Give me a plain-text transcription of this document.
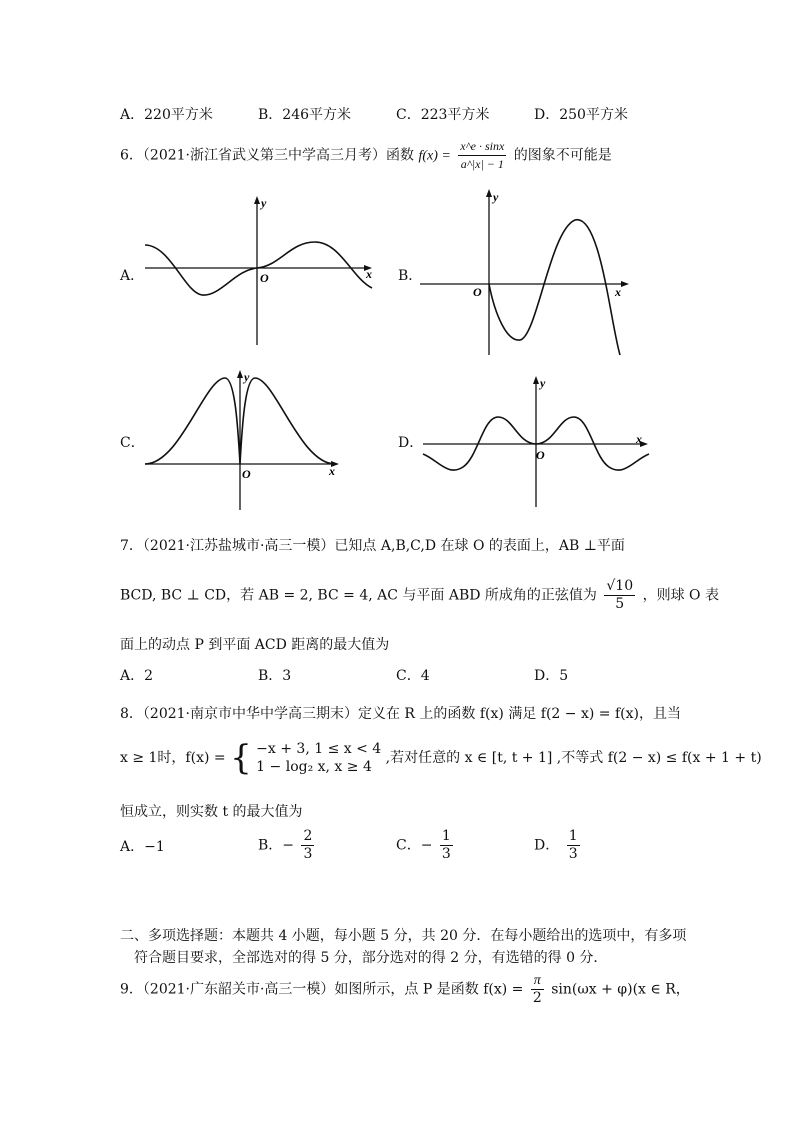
A．220平方米	B．246平方米	C．223平方米	D．250平方米
6．（2021·浙江省武义第三中学高三月考）函数 $f(x) = \frac{x\^{}e \cdot \sin x}{a\^{}|x| - 1}$ 的图象不可能是
A．	x
y
O	B．
x
y
O
C．
x
y
O
D．	x
y
O
7．（2021·江苏盐城市·高三一模）已知点 A,B,C,D 在球 O 的表面上，AB ⊥平面
BCD, BC ⊥ CD，若 AB = 2, BC = 4, AC 与平面 ABD 所成角的正弦值为 $\frac{√10}{5}$ ，则球 O 表
面上的动点 P 到平面 ACD 距离的最大值为
A．2	B．3	C．4	D．5
8．（2021·南京市中华中学高三期末）定义在 R 上的函数 f(x) 满足 f(2 − x) = f(x)，且当
x ≥ 1时，f(x) = { −x + 3, 1 ≤ x < 4
1 − log₂ x, x ≥ 4
,若对任意的 x ∈ [t, t + 1] ,不等式 f(2 − x) ≤ f(x + 1 + t)
恒成立，则实数 t 的最大值为
A．−1	B．− $\frac{2}{3}$	C．− $\frac{1}{3}$	D． $\frac{1}{3}$
二、多项选择题：本题共 4 小题，每小题 5 分，共 20 分．在每小题给出的选项中，有多项
符合题目要求，全部选对的得 5 分，部分选对的得 2 分，有选错的得 0 分．
9．（2021·广东韶关市·高三一模）如图所示，点 P 是函数 $f(x) = \frac{\pi}{2} \sin(\omega x + \varphi)(x$ ∈ R，
